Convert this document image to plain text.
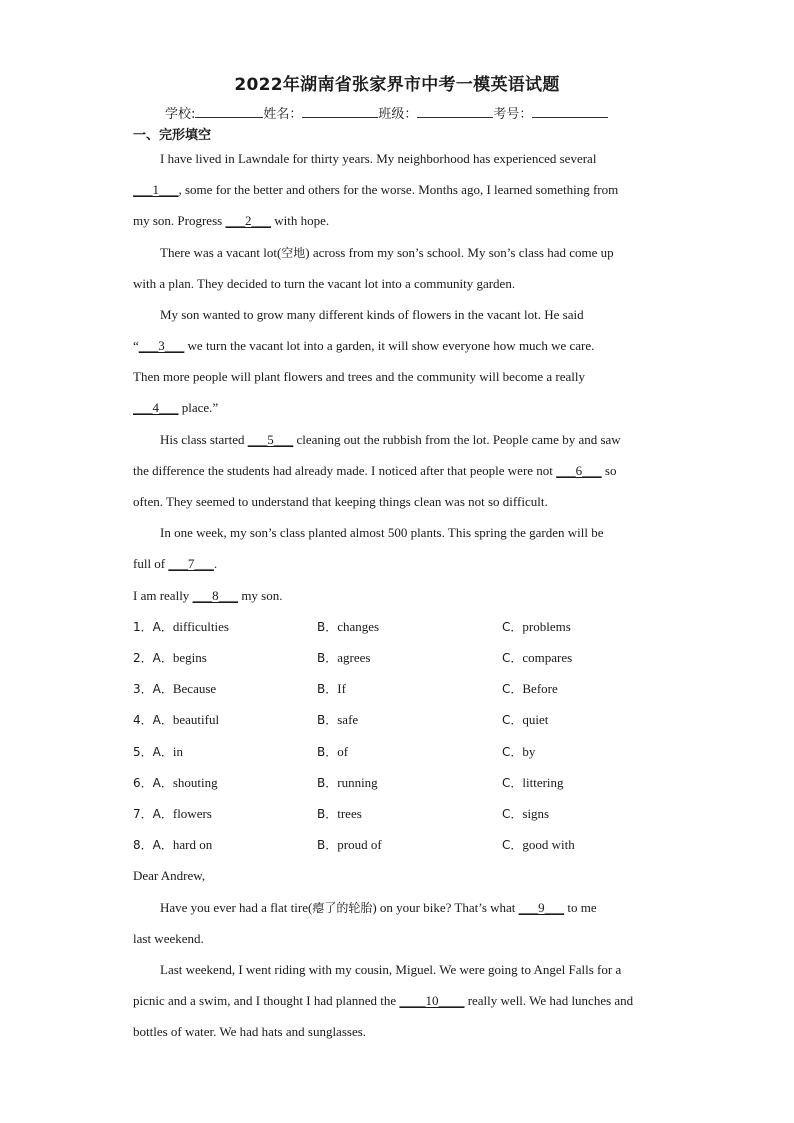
2022年湖南省张家界市中考一模英语试题
学校:	姓名：	班级：	考号：
一、完形填空
I have lived in Lawndale for thirty years. My neighborhood has experienced several
___1___, some for the better and others for the worse. Months ago, I learned something from
my son. Progress ___2___ with hope.
There was a vacant lot(空地) across from my son’s school. My son’s class had come up
with a plan. They decided to turn the vacant lot into a community garden.
My son wanted to grow many different kinds of flowers in the vacant lot. He said
“___3___ we turn the vacant lot into a garden, it will show everyone how much we care.
Then more people will plant flowers and trees and the community will become a really
___4___ place.”
His class started ___5___ cleaning out the rubbish from the lot. People came by and saw
the difference the students had already made. I noticed after that people were not ___6___ so
often. They seemed to understand that keeping things clean was not so difficult.
In one week, my son’s class planted almost 500 plants. This spring the garden will be
full of ___7___.
I am really ___8___ my son.
1．A．difficulties	B．changes	C．problems
2．A．begins	B．agrees	C．compares
3．A．Because	B．If	C．Before
4．A．beautiful	B．safe	C．quiet
5．A．in	B．of	C．by
6．A．shouting	B．running	C．littering
7．A．flowers	B．trees	C．signs
8．A．hard on	B．proud of	C．good with
Dear Andrew,
Have you ever had a flat tire(瘪了的轮胎) on your bike? That’s what ___9___ to me
last weekend.
Last weekend, I went riding with my cousin, Miguel. We were going to Angel Falls for a
picnic and a swim, and I thought I had planned the ____10____ really well. We had lunches and
bottles of water. We had hats and sunglasses.
